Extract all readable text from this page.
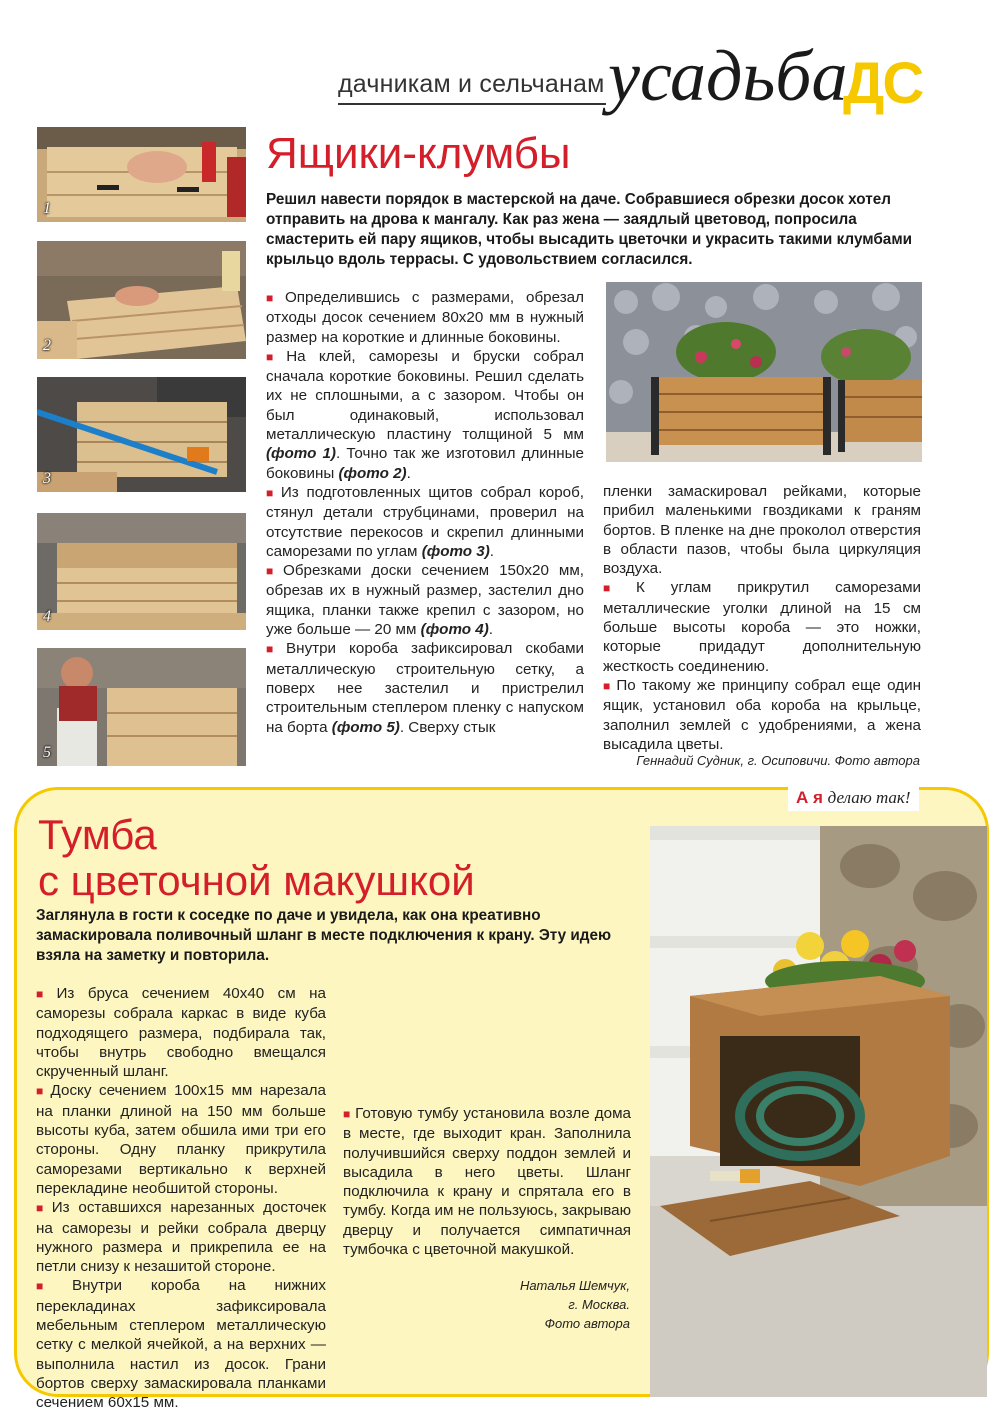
дачникам и сельчанам усадьба
ДС
1
2
3
4
5
Ящики-клумбы
Решил навести порядок в мастерской на даче. Собравшиеся обрезки досок хотел отправить на дрова к мангалу. Как раз жена — заядлый цветовод, попросила смастерить ей пару ящиков, чтобы высадить цветочки и украсить такими клумбами крыльцо вдоль террасы. С удовольствием согласился.

■ Определившись с размерами, обрезал отходы досок сечением 80х20 мм в нужный размер на короткие и длинные боковины.

■ На клей, саморезы и бруски собрал сначала короткие боковины. Решил сделать их не сплошными, а с зазором. Чтобы он был одинаковый, использовал металлическую пластину толщиной 5 мм (фото 1). Точно так же изготовил длинные боковины (фото 2).

■ Из подготовленных щитов собрал короб, стянул детали струбцинами, проверил на отсутствие перекосов и скрепил длинными саморезами по углам (фото 3).

■ Обрезками доски сечением 150х20 мм, обрезав их в нужный размер, застелил дно ящика, планки также крепил с зазором, но уже больше — 20 мм (фото 4).

■ Внутри короба зафиксировал скобами металлическую строительную сетку, а поверх нее застелил и пристрелил строительным степлером пленку с напуском на борта (фото 5). Сверху стык

пленки замаскировал рейками, которые прибил маленькими гвоздиками к граням бортов. В пленке на дне проколол отверстия в области пазов, чтобы была циркуляция воздуха.

■ К углам прикрутил саморезами металлические уголки длиной на 15 см больше высоты короба — это ножки, которые придадут дополнительную жесткость соединению.

■ По такому же принципу собрал еще один ящик, установил оба короба на крыльце, заполнил землей с удобрениями, а жена высадила цветы.

Геннадий Судник, г. Осиповичи. Фото автора
А я делаю так!
Тумба
с цветочной макушкой
Заглянула в гости к соседке по даче и увидела, как она креативно замаскировала поливочный шланг в месте подключения к крану. Эту идею взяла на заметку и повторила.

■ Из бруса сечением 40х40 см на саморезы собрала каркас в виде куба подходящего размера, подбирала так, чтобы внутрь свободно вмещался скрученный шланг.

■ Доску сечением 100х15 мм нарезала на планки длиной на 150 мм больше высоты куба, затем обшила ими три его стороны. Одну планку прикрутила саморезами вертикально к верхней перекладине необшитой стороны.

■ Из оставшихся нарезанных досточек на саморезы и рейки собрала дверцу нужного размера и прикрепила ее на петли снизу к незашитой стороне.

■ Внутри короба на нижних перекладинах зафиксировала мебельным степлером металлическую сетку с мелкой ячейкой, а на верхних — выполнила настил из досок. Грани бортов сверху замаскировала планками сечением 60х15 мм.

■ Готовую тумбу установила возле дома в месте, где выходит кран. Заполнила получившийся сверху поддон землей и высадила в него цветы. Шланг подключила к крану и спрятала его в тумбу. Когда им не пользуюсь, закрываю дверцу и получается симпатичная тумбочка с цветочной макушкой.

Наталья Шемчук,
г. Москва.
Фото автора
